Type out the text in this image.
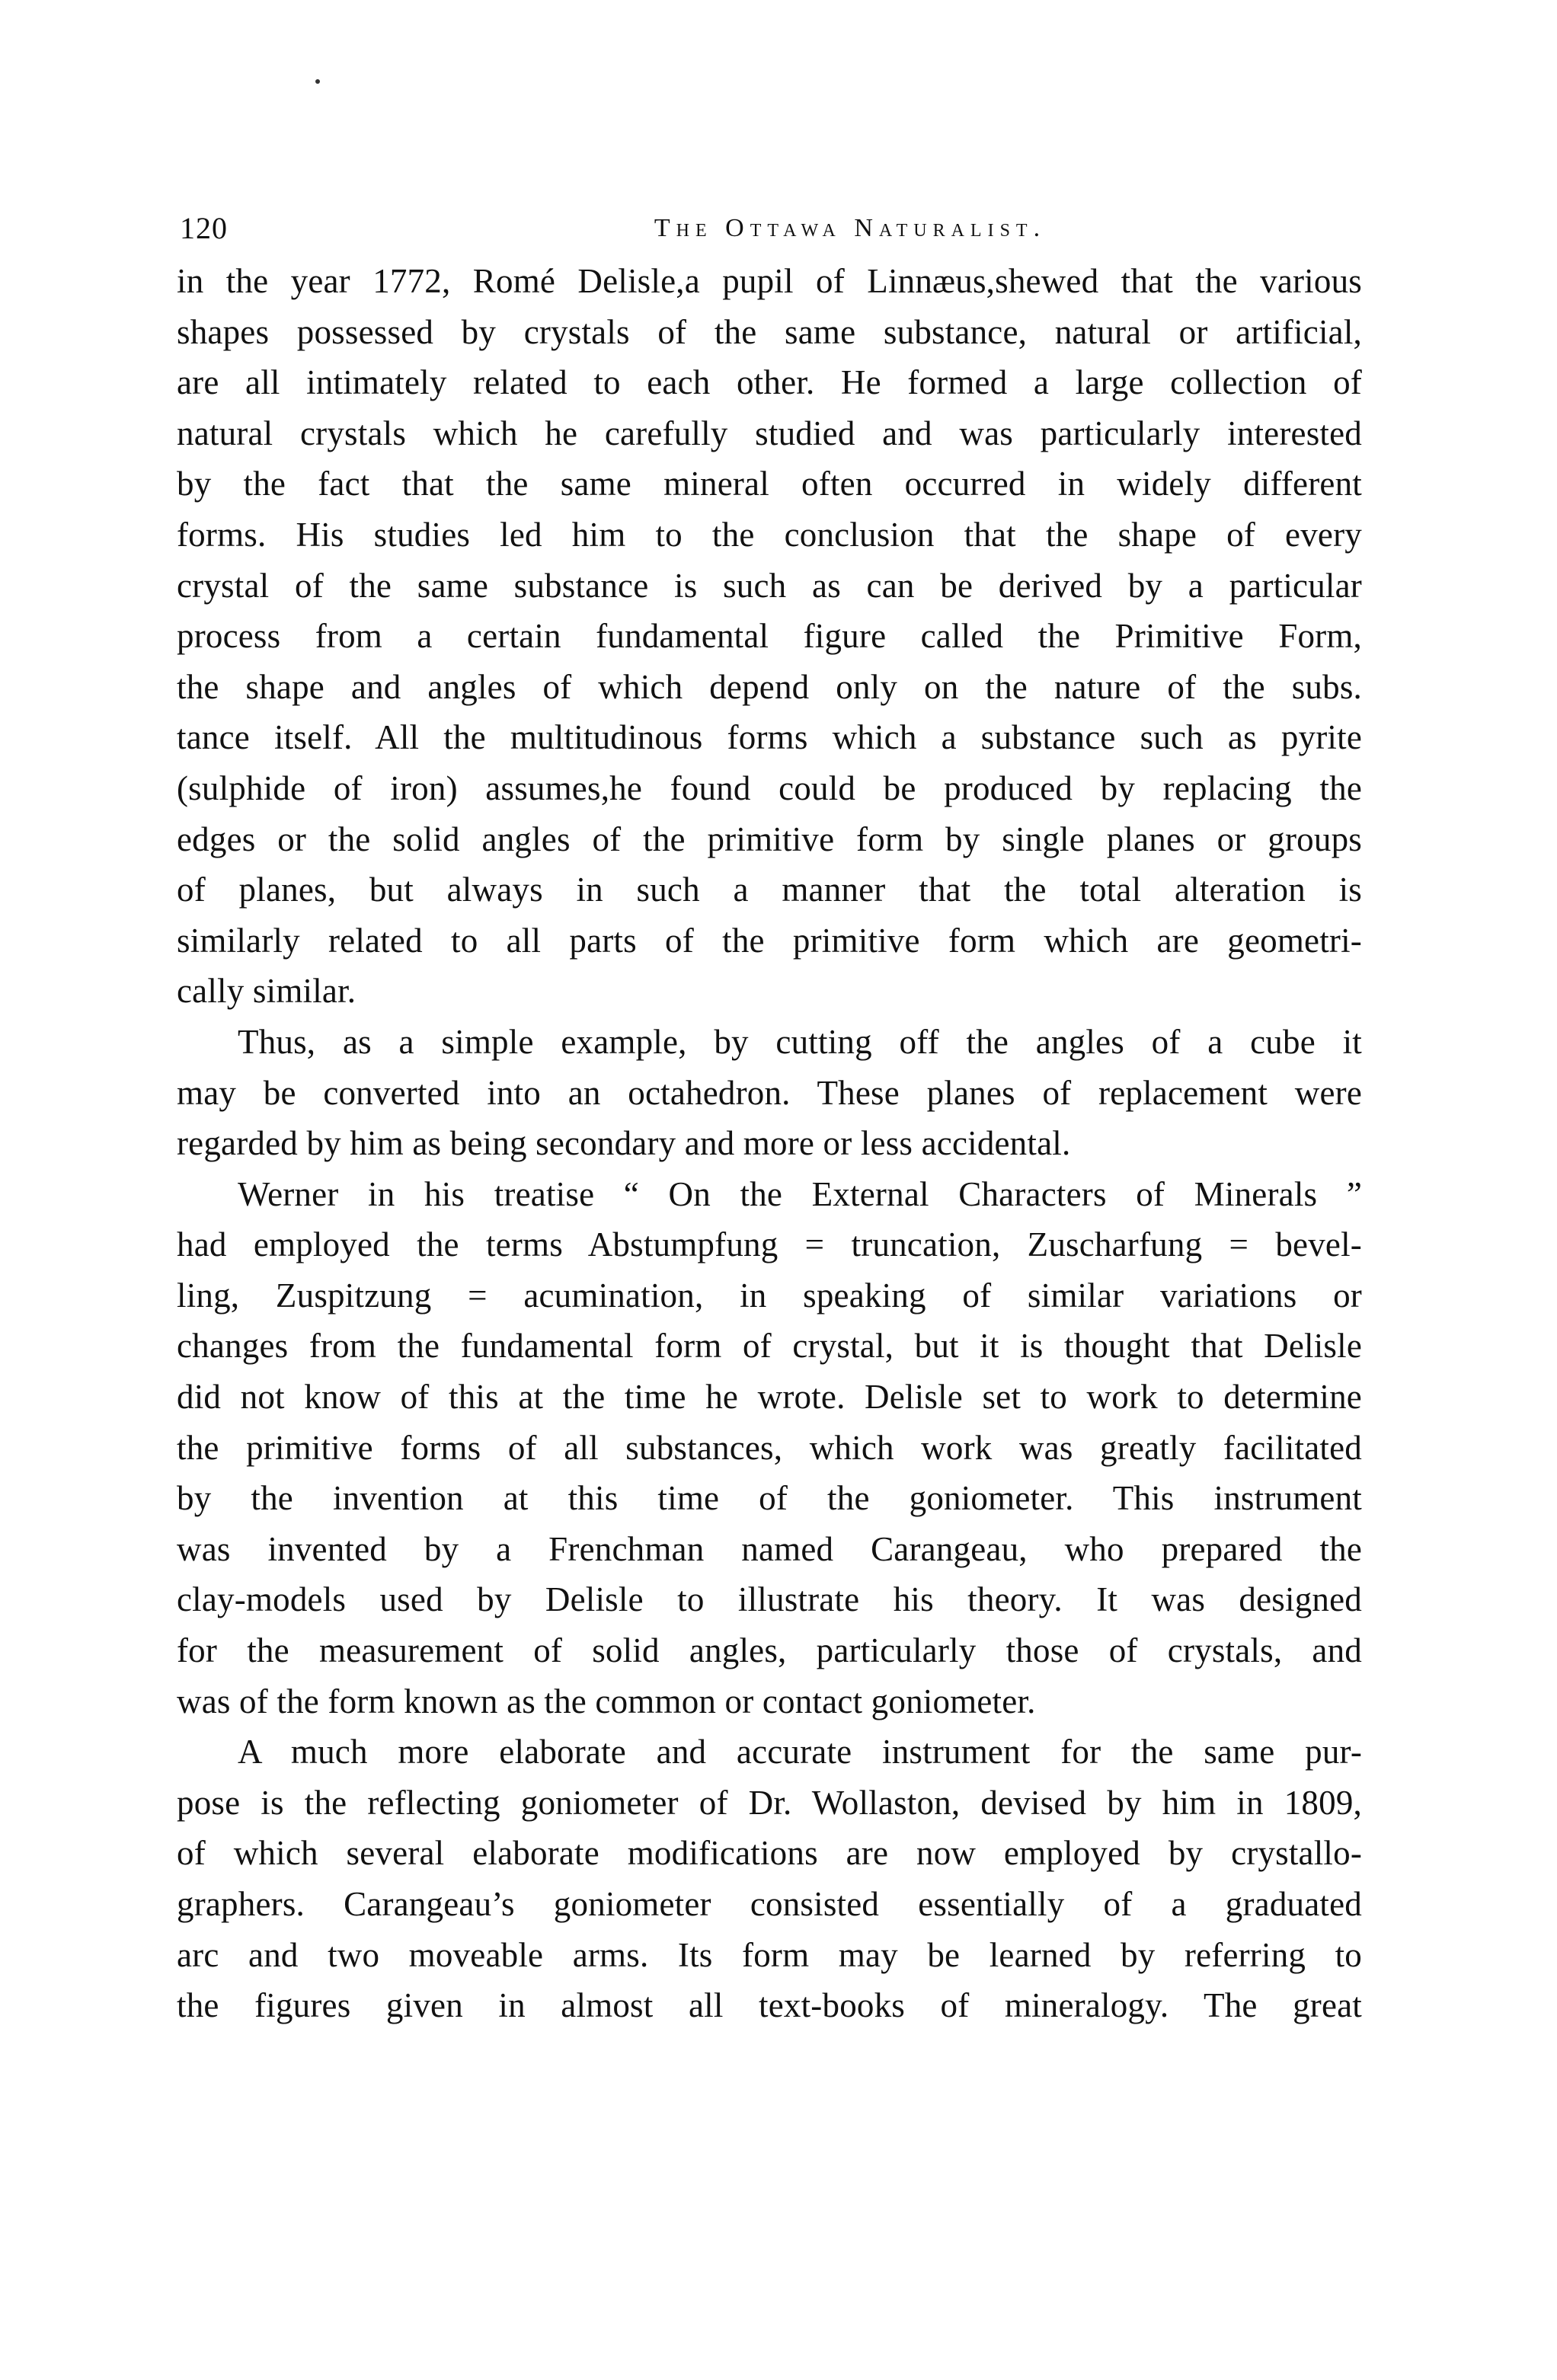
120	The Ottawa Naturalist.
in the year 1772, Romé Delisle,a pupil of Linnæus,shewed that the various
shapes possessed by crystals of the same substance, natural or artificial,
are all intimately related to each other. He formed a large collection of
natural crystals which he carefully studied and was particularly interested
by the fact that the same mineral often occurred in widely different
forms. His studies led him to the conclusion that the shape of every
crystal of the same substance is such as can be derived by a particular
process from a certain fundamental figure called the Primitive Form,
the shape and angles of which depend only on the nature of the subs.
tance itself. All the multitudinous forms which a substance such as pyrite
(sulphide of iron) assumes,he found could be produced by replacing the
edges or the solid angles of the primitive form by single planes or groups
of planes, but always in such a manner that the total alteration is
similarly related to all parts of the primitive form which are geometri-
cally similar.
Thus, as a simple example, by cutting off the angles of a cube it
may be converted into an octahedron. These planes of replacement were
regarded by him as being secondary and more or less accidental.
Werner in his treatise “ On the External Characters of Minerals ”
had employed the terms Abstumpfung = truncation, Zuscharfung = bevel-
ling, Zuspitzung = acumination, in speaking of similar variations or
changes from the fundamental form of crystal, but it is thought that Delisle
did not know of this at the time he wrote. Delisle set to work to determine
the primitive forms of all substances, which work was greatly facilitated
by the invention at this time of the goniometer. This instrument
was invented by a Frenchman named Carangeau, who prepared the
clay-models used by Delisle to illustrate his theory. It was designed
for the measurement of solid angles, particularly those of crystals, and
was of the form known as the common or contact goniometer.
A much more elaborate and accurate instrument for the same pur-
pose is the reflecting goniometer of Dr. Wollaston, devised by him in 1809,
of which several elaborate modifications are now employed by crystallo-
graphers. Carangeau’s goniometer consisted essentially of a graduated
arc and two moveable arms. Its form may be learned by referring to
the figures given in almost all text-books of mineralogy. The great
